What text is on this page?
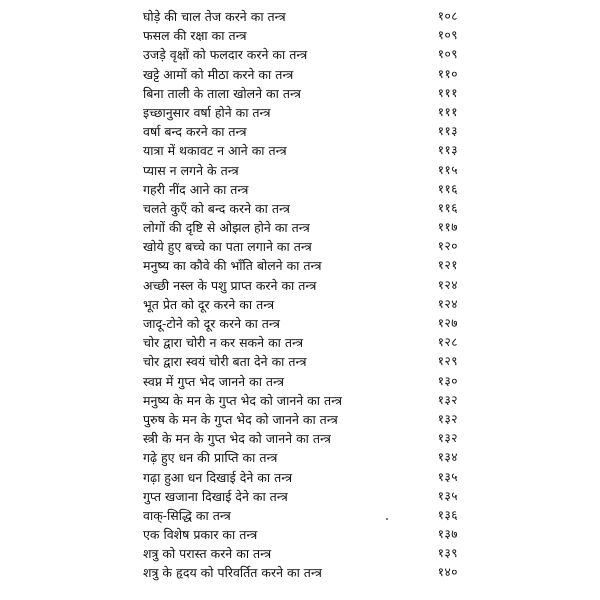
घोड़े की चाल तेज करने का तन्त्र	१०८
फसल की रक्षा का तन्त्र	१०९
उजड़े वृक्षों को फलदार करने का तन्त्र	१०९
खट्टे आमों को मीठा करने का तन्त्र	११०
बिना ताली के ताला खोलने का तन्त्र	१११
इच्छानुसार वर्षा होने का तन्त्र	१११
वर्षा बन्द करने का तन्त्र	११३
यात्रा में थकावट न आने का तन्त्र	११३
प्यास न लगने के तन्त्र	११५
गहरी नींद आने का तन्त्र	११६
चलते कुएँ को बन्द करने का तन्त्र	११६
लोगों की दृष्टि से ओझल होने का तन्त्र	११७
खोये हुए बच्चे का पता लगाने का तन्त्र	१२०
मनुष्य का कौवे की भाँति बोलने का तन्त्र	१२१
अच्छी नस्ल के पशु प्राप्त करने का तन्त्र	१२४
भूत प्रेत को दूर करने का तन्त्र	१२४
जादू-टोने को दूर करने का तन्त्र	१२७
चोर द्वारा चोरी न कर सकने का तन्त्र	१२८
चोर द्वारा स्वयं चोरी बता देने का तन्त्र	१२९
स्वप्न में गुप्त भेद जानने का तन्त्र	१३०
मनुष्य के मन के गुप्त भेद को जानने का तन्त्र	१३२
पुरुष के मन के गुप्त भेद को जानने का तन्त्र	१३२
स्त्री के मन के गुप्त भेद को जानने का तन्त्र	१३२
गढ़े हुए धन की प्राप्ति का तन्त्र	१३४
गढ़ा हुआ धन दिखाई देने का तन्त्र	१३५
गुप्त खजाना दिखाई देने का तन्त्र	१३५
वाक्-सिद्धि का तन्त्र	१३६
एक विशेष प्रकार का तन्त्र	१३७
शत्रु को परास्त करने का तन्त्र	१३९
शत्रु के हृदय को परिवर्तित करने का तन्त्र	१४०
